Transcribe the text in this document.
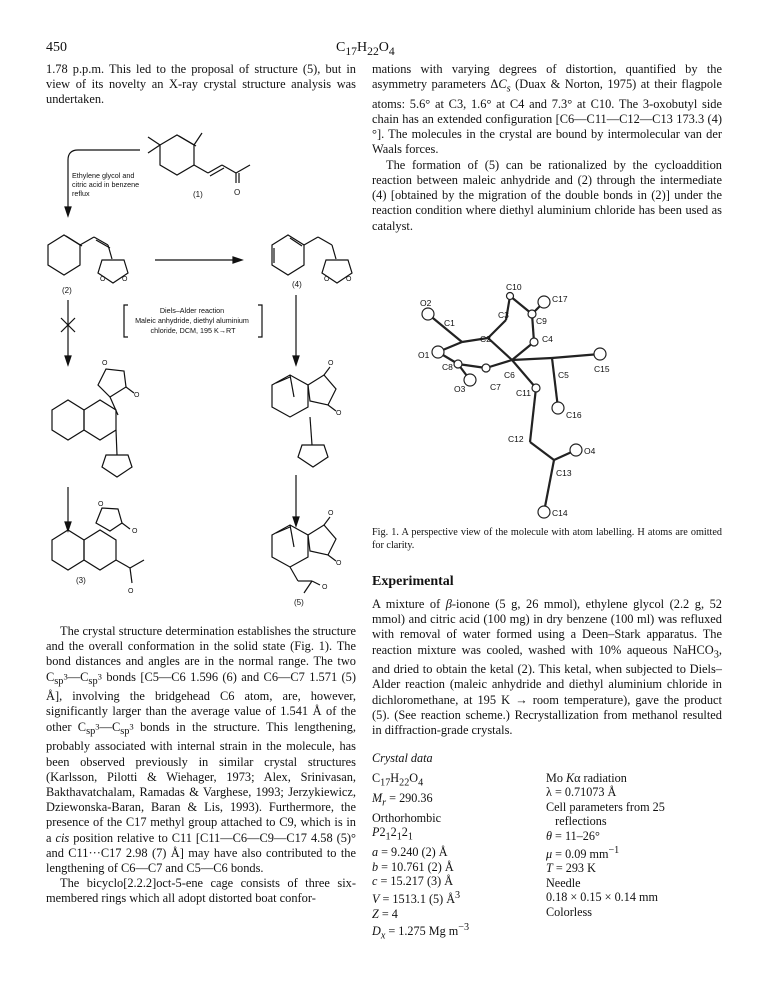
450	$C_{17}H_{22}O_4$

1.78 p.p.m. This led to the proposal of structure (5), but in view of its novelty an X-ray crystal structure analysis was undertaken.

O
(1)
Ethylene glycol and citric acid in benzene reflux
O O
(2)
O O
(4)
Diels–Alder reaction Maleic anhydride, diethyl aluminium chloride, DCM, 195 K→RT
O
O
O
O
O
O
O
(3)
O
O
O
(5)

The crystal structure determination establishes the structure and the overall conformation in the solid state (Fig. 1). The bond distances and angles are in the normal range. The two $C_{sp^3}—C_{sp^3}$ bonds [C5—C6 1.596 (6) and C6—C7 1.571 (5) Å], involving the bridgehead C6 atom, are, however, significantly larger than the average value of 1.541 Å of the other $C_{sp^3}—C_{sp^3}$ bonds in the structure. This lengthening, probably associated with internal strain in the molecule, has been observed previously in similar crystal structures (Karlsson, Pilotti & Wiehager, 1973; Alex, Srinivasan, Bakthavatchalam, Ramadas & Varghese, 1993; Jerzykiewicz, Dziewonska-Baran, Baran & Lis, 1993). Furthermore, the presence of the C17 methyl group attached to C9, which is in a cis position relative to C11 [C11—C6—C9—C17 4.58 (5)° and C11···C17 2.98 (7) Å] may have also contributed to the lengthening of C6—C7 and C5—C6 bonds.

The bicyclo[2.2.2]oct-5-ene cage consists of three six-membered rings which all adopt distorted boat confor-

mations with varying degrees of distortion, quantified by the asymmetry parameters $\Delta C_s$ (Duax & Norton, 1975) at their flagpole atoms: 5.6° at C3, 1.6° at C4 and 7.3° at C10. The 3-oxobutyl side chain has an extended configuration [C6—C11—C12—C13 173.3 (4)°]. The molecules in the crystal are bound by intermolecular van der Waals forces.

The formation of (5) can be rationalized by the cycloaddition reaction between maleic anhydride and (2) through the intermediate (4) [obtained by the migration of the double bonds in (2)] under the reaction condition where diethyl aluminium chloride has been used as catalyst.

C10
C17
O2
C3
C9
C1
C2	C4
O1
C8
C6	C5
C15
O3	C7
C11
C16
C12
O4
C13
C14
Fig. 1. A perspective view of the molecule with atom labelling. H atoms are omitted for clarity.
Experimental
A mixture of β-ionone (5 g, 26 mmol), ethylene glycol (2.2 g, 52 mmol) and citric acid (100 mg) in dry benzene (100 ml) was refluxed with removal of water formed using a Deen–Stark apparatus. The reaction mixture was cooled, washed with 10% aqueous NaHCO$_3$, and dried to obtain the ketal (2). This ketal, when subjected to Diels–Alder reaction (maleic anhydride and diethyl aluminium chloride in dichloromethane, at 195 K → room temperature), gave the product (5). (See reaction scheme.) Recrystallization from methanol resulted in diffraction-grade crystals.
Crystal data
$C_{17}H_{22}O_4$
$M_r = 290.36$
Orthorhombic
$P2_12_12_1$
a = 9.240 (2) Å
b = 10.761 (2) Å
c = 15.217 (3) Å
V = 1513.1 (5) $Å^3$
Z = 4
$D_x = 1.275$ Mg $m^{-3}$
Mo Kα radiation
λ = 0.71073 Å
Cell parameters from 25
reflections
θ = 11–26°
μ = 0.09 $mm^{-1}$
T = 293 K
Needle
0.18 × 0.15 × 0.14 mm
Colorless
